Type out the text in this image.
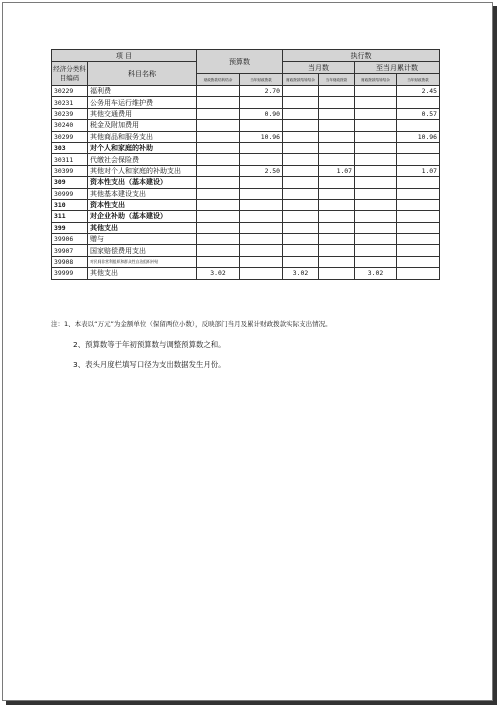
项 目		预算数		执行数			
经济分类科目编码	科目名称			当月数		至当月累计数	
		财政拨款结转结余	当年财政拨款	财政拨款结转结余	当年财政拨款	财政拨款结转结余	当年财政拨款

30229	福利费		2.70				2.45
30231	公务用车运行维护费						
30239	其他交通费用		0.90				0.57
30240	税金及附加费用						
30299	其他商品和服务支出		10.96				10.96
303	对个人和家庭的补助						
30311	代缴社会保险费						
30399	其他对个人和家庭的补助支出		2.50		1.07		1.07
309	资本性支出（基本建设）						
30999	其他基本建设支出						
310	资本性支出						
311	对企业补助（基本建设）						
399	其他支出						
39906	赠与						
39907	国家赔偿费用支出						
39908	对民间非营利组织和群众性自治组织补贴						
39999	其他支出	3.02		3.02		3.02	
注：1、本表以“万元”为金额单位（保留两位小数），反映部门当月及累计财政拨款实际支出情况。
2、预算数等于年初预算数与调整预算数之和。
3、表头月度栏填写口径为支出数据发生月份。
